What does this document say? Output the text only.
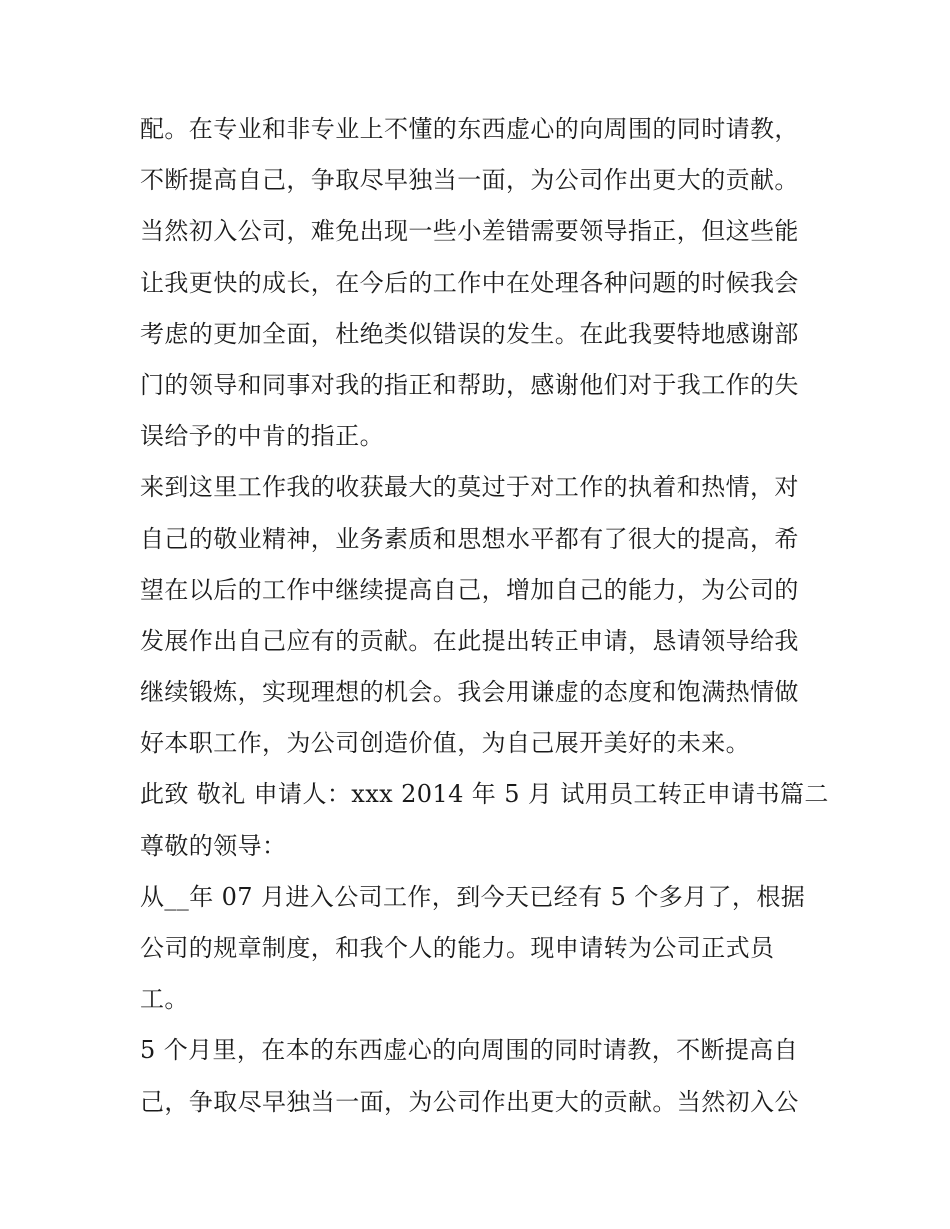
配。在专业和非专业上不懂的东西虚心的向周围的同时请教，
不断提高自己，争取尽早独当一面，为公司作出更大的贡献。
当然初入公司，难免出现一些小差错需要领导指正，但这些能
让我更快的成长，在今后的工作中在处理各种问题的时候我会
考虑的更加全面，杜绝类似错误的发生。在此我要特地感谢部
门的领导和同事对我的指正和帮助，感谢他们对于我工作的失
误给予的中肯的指正。
来到这里工作我的收获最大的莫过于对工作的执着和热情，对
自己的敬业精神，业务素质和思想水平都有了很大的提高，希
望在以后的工作中继续提高自己，增加自己的能力，为公司的
发展作出自己应有的贡献。在此提出转正申请，恳请领导给我
继续锻炼，实现理想的机会。我会用谦虚的态度和饱满热情做
好本职工作，为公司创造价值，为自己展开美好的未来。
此致 敬礼 申请人：xxx 2014 年 5 月 试用员工转正申请书篇二
尊敬的领导：
从__年 07 月进入公司工作，到今天已经有 5 个多月了，根据
公司的规章制度，和我个人的能力。现申请转为公司正式员
工。
5 个月里，在本的东西虚心的向周围的同时请教，不断提高自
己，争取尽早独当一面，为公司作出更大的贡献。当然初入公
